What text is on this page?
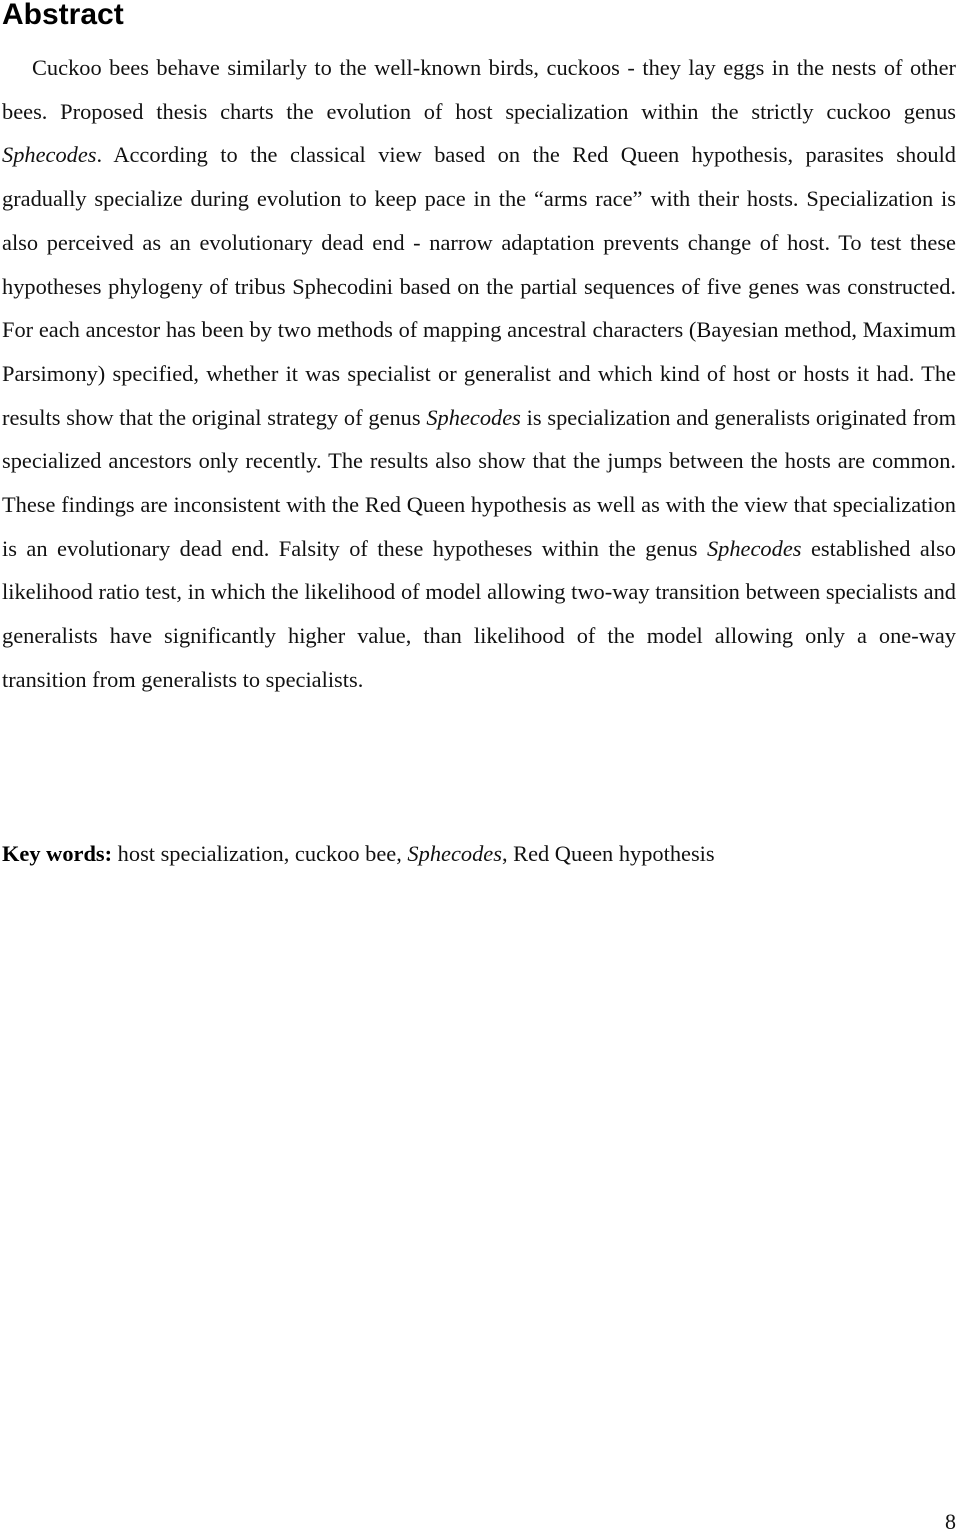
Abstract

Cuckoo bees behave similarly to the well-known birds, cuckoos - they lay eggs in the nests of other bees. Proposed thesis charts the evolution of host specialization within the strictly cuckoo genus Sphecodes. According to the classical view based on the Red Queen hypothesis, parasites should gradually specialize during evolution to keep pace in the “arms race” with their hosts. Specialization is also perceived as an evolutionary dead end - narrow adaptation prevents change of host. To test these hypotheses phylogeny of tribus Sphecodini based on the partial sequences of five genes was constructed. For each ancestor has been by two methods of mapping ancestral characters (Bayesian method, Maximum Parsimony) specified, whether it was specialist or generalist and which kind of host or hosts it had. The results show that the original strategy of genus Sphecodes is specialization and generalists originated from specialized ancestors only recently. The results also show that the jumps between the hosts are common. These findings are inconsistent with the Red Queen hypothesis as well as with the view that specialization is an evolutionary dead end. Falsity of these hypotheses within the genus Sphecodes established also likelihood ratio test, in which the likelihood of model allowing two-way transition between specialists and generalists have significantly higher value, than likelihood of the model allowing only a one-way transition from generalists to specialists.

Key words: host specialization, cuckoo bee, Sphecodes, Red Queen hypothesis

8
